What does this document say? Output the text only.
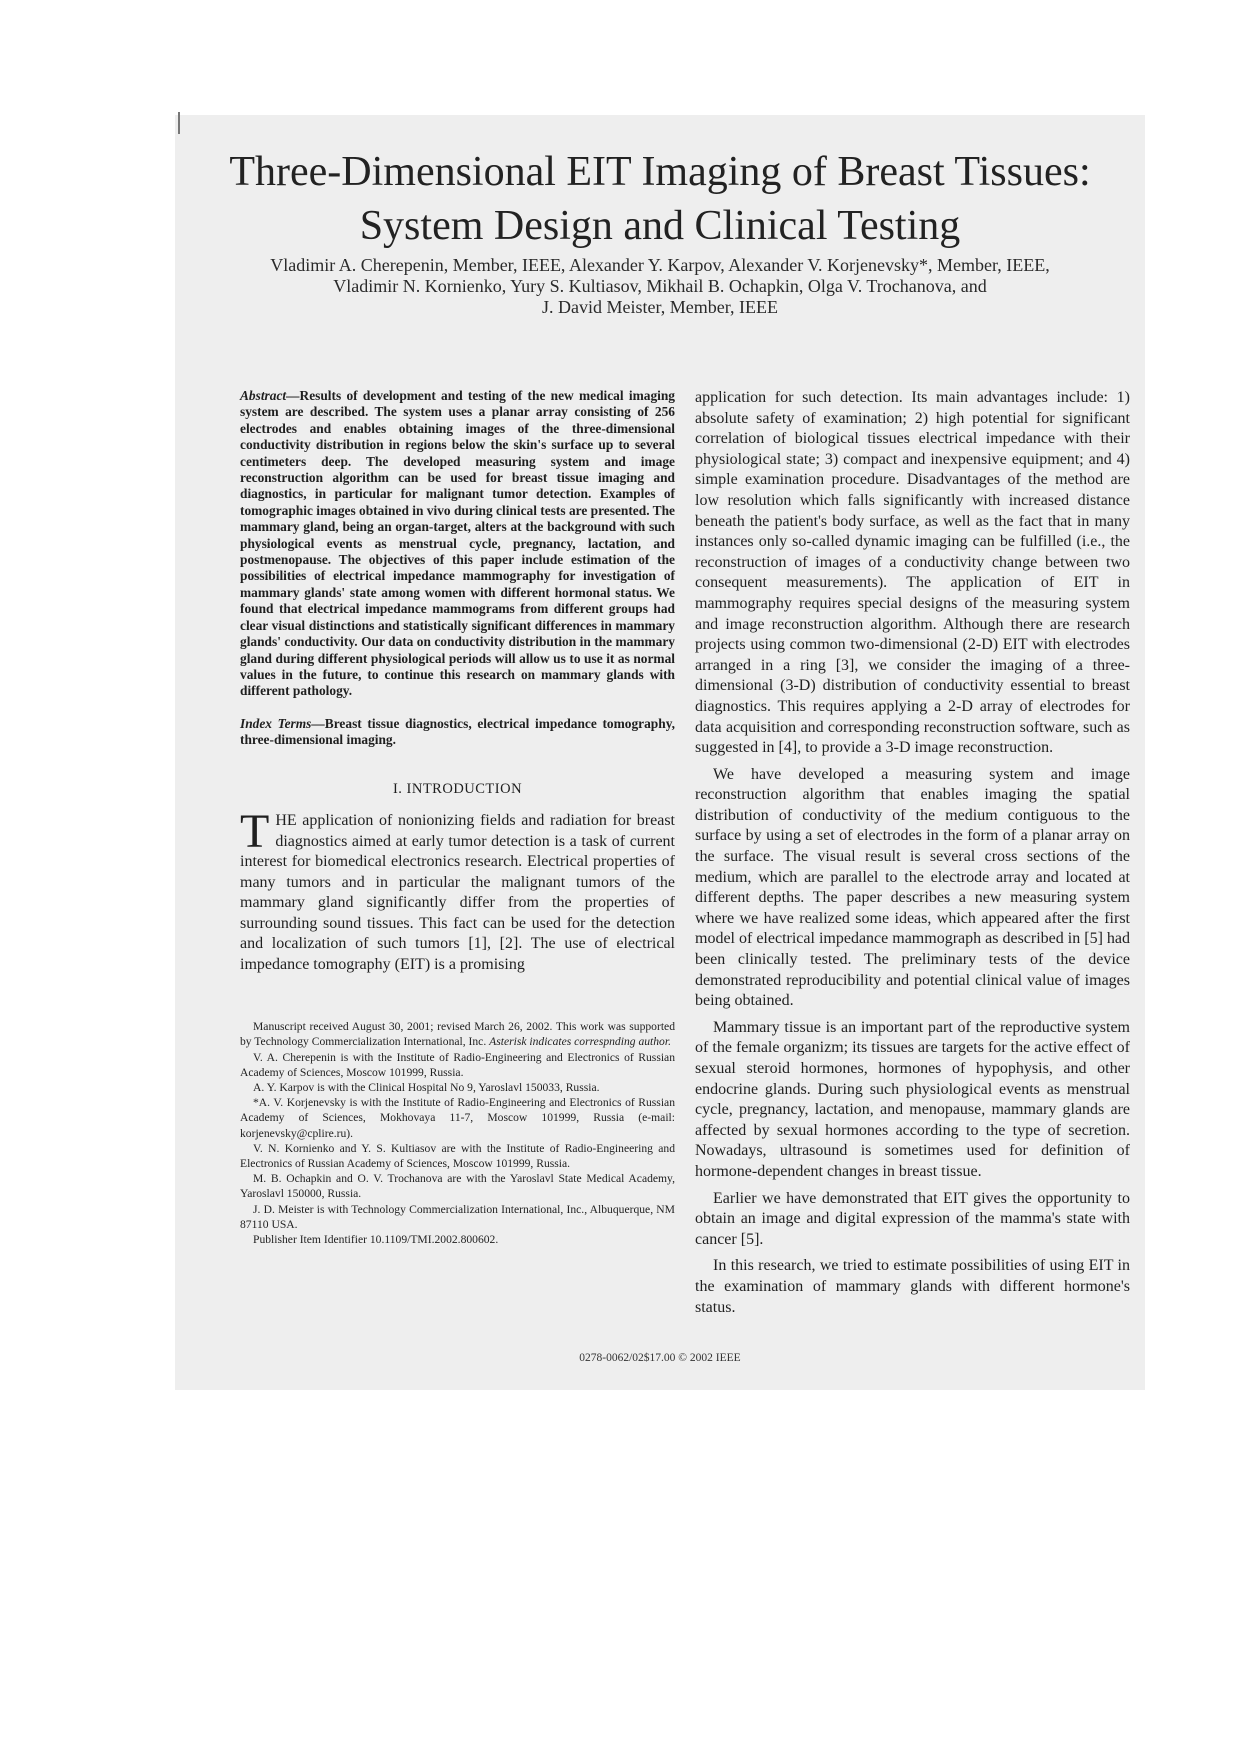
Three-Dimensional EIT Imaging of Breast Tissues:
System Design and Clinical Testing
Vladimir A. Cherepenin, Member, IEEE, Alexander Y. Karpov, Alexander V. Korjenevsky*, Member, IEEE,
Vladimir N. Kornienko, Yury S. Kultiasov, Mikhail B. Ochapkin, Olga V. Trochanova, and
J. David Meister, Member, IEEE

Abstract—Results of development and testing of the new medical imaging system are described. The system uses a planar array consisting of 256 electrodes and enables obtaining images of the three-dimensional conductivity distribution in regions below the skin's surface up to several centimeters deep. The developed measuring system and image reconstruction algorithm can be used for breast tissue imaging and diagnostics, in particular for malignant tumor detection. Examples of tomographic images obtained in vivo during clinical tests are presented. The mammary gland, being an organ-target, alters at the background with such physiological events as menstrual cycle, pregnancy, lactation, and postmenopause. The objectives of this paper include estimation of the possibilities of electrical impedance mammography for investigation of mammary glands' state among women with different hormonal status. We found that electrical impedance mammograms from different groups had clear visual distinctions and statistically significant differences in mammary glands' conductivity. Our data on conductivity distribution in the mammary gland during different physiological periods will allow us to use it as normal values in the future, to continue this research on mammary glands with different pathology.

Index Terms—Breast tissue diagnostics, electrical impedance tomography, three-dimensional imaging.

I. INTRODUCTION

THE application of nonionizing fields and radiation for breast diagnostics aimed at early tumor detection is a task of current interest for biomedical electronics research. Electrical properties of many tumors and in particular the malignant tumors of the mammary gland significantly differ from the properties of surrounding sound tissues. This fact can be used for the detection and localization of such tumors [1], [2]. The use of electrical impedance tomography (EIT) is a promising

Manuscript received August 30, 2001; revised March 26, 2002. This work was supported by Technology Commercialization International, Inc. Asterisk indicates correspnding author.

V. A. Cherepenin is with the Institute of Radio-Engineering and Electronics of Russian Academy of Sciences, Moscow 101999, Russia.

A. Y. Karpov is with the Clinical Hospital No 9, Yaroslavl 150033, Russia.

*A. V. Korjenevsky is with the Institute of Radio-Engineering and Electronics of Russian Academy of Sciences, Mokhovaya 11-7, Moscow 101999, Russia (e-mail: korjenevsky@cplire.ru).

V. N. Kornienko and Y. S. Kultiasov are with the Institute of Radio-Engineering and Electronics of Russian Academy of Sciences, Moscow 101999, Russia.

M. B. Ochapkin and O. V. Trochanova are with the Yaroslavl State Medical Academy, Yaroslavl 150000, Russia.

J. D. Meister is with Technology Commercialization International, Inc., Albuquerque, NM 87110 USA.

Publisher Item Identifier 10.1109/TMI.2002.800602.

application for such detection. Its main advantages include: 1) absolute safety of examination; 2) high potential for significant correlation of biological tissues electrical impedance with their physiological state; 3) compact and inexpensive equipment; and 4) simple examination procedure. Disadvantages of the method are low resolution which falls significantly with increased distance beneath the patient's body surface, as well as the fact that in many instances only so-called dynamic imaging can be fulfilled (i.e., the reconstruction of images of a conductivity change between two consequent measurements). The application of EIT in mammography requires special designs of the measuring system and image reconstruction algorithm. Although there are research projects using common two-dimensional (2-D) EIT with electrodes arranged in a ring [3], we consider the imaging of a three-dimensional (3-D) distribution of conductivity essential to breast diagnostics. This requires applying a 2-D array of electrodes for data acquisition and corresponding reconstruction software, such as suggested in [4], to provide a 3-D image reconstruction.

We have developed a measuring system and image reconstruction algorithm that enables imaging the spatial distribution of conductivity of the medium contiguous to the surface by using a set of electrodes in the form of a planar array on the surface. The visual result is several cross sections of the medium, which are parallel to the electrode array and located at different depths. The paper describes a new measuring system where we have realized some ideas, which appeared after the first model of electrical impedance mammograph as described in [5] had been clinically tested. The preliminary tests of the device demonstrated reproducibility and potential clinical value of images being obtained.

Mammary tissue is an important part of the reproductive system of the female organizm; its tissues are targets for the active effect of sexual steroid hormones, hormones of hypophysis, and other endocrine glands. During such physiological events as menstrual cycle, pregnancy, lactation, and menopause, mammary glands are affected by sexual hormones according to the type of secretion. Nowadays, ultrasound is sometimes used for definition of hormone-dependent changes in breast tissue.

Earlier we have demonstrated that EIT gives the opportunity to obtain an image and digital expression of the mamma's state with cancer [5].

In this research, we tried to estimate possibilities of using EIT in the examination of mammary glands with different hormone's status.

0278-0062/02$17.00 © 2002 IEEE
